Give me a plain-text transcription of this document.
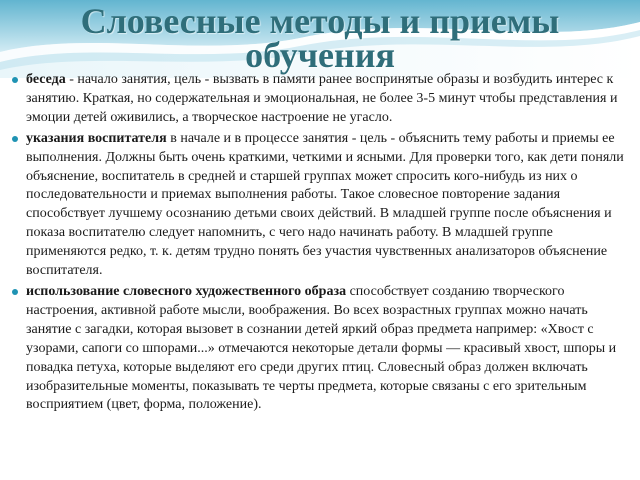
Словесные методы и приемы
обучения

беседа - начало занятия, цель - вызвать в памяти ранее воспринятые образы и возбудить интерес к занятию. Краткая, но содержательная и эмоциональная, не более 3-5 минут чтобы представления и эмоции детей оживились, а творческое настроение не угасло.

указания воспитателя в начале и в процессе занятия - цель - объяснить тему работы и приемы ее выполнения. Должны быть очень краткими, четкими и ясными. Для проверки того, как дети поняли объяснение, воспитатель в средней и старшей группах может спросить кого-нибудь из них о последовательности и приемах выполнения работы. Такое словесное повторение задания способствует лучшему осознанию детьми своих действий. В младшей группе после объяснения и показа воспитателю следует напомнить, с чего надо начинать работу. В младшей группе применяются редко, т. к. детям трудно понять без участия чувственных анализаторов объяснение воспитателя.

использование словесного художественного образа способствует созданию творческого настроения, активной работе мысли, воображения. Во всех возрастных группах можно начать занятие с загадки, которая вызовет в сознании детей яркий образ предмета например: «Хвост с узорами, сапоги со шпорами...» отмечаются некоторые детали формы — красивый хвост, шпоры и повадка петуха, которые выделяют его среди других птиц. Словесный образ должен включать изобразительные моменты, показывать те черты предмета, которые связаны с его зрительным восприятием (цвет, форма, положение).
